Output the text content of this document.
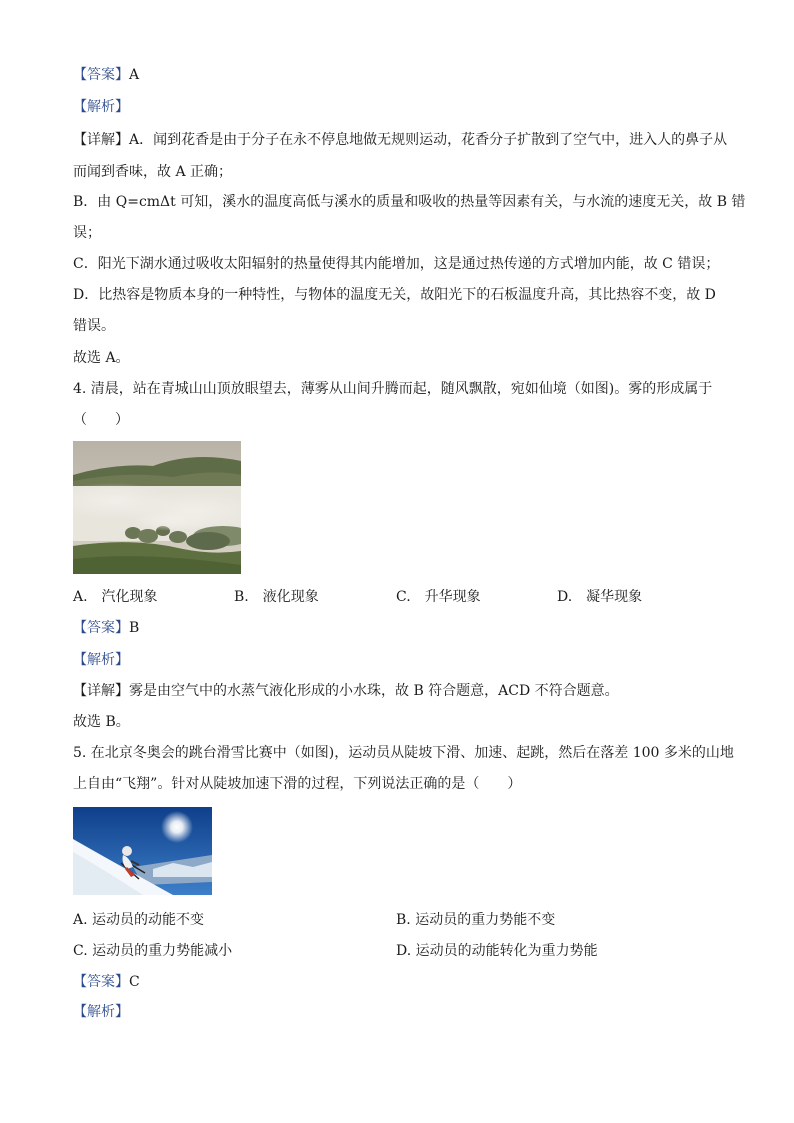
【答案】A
【解析】
【详解】A．闻到花香是由于分子在永不停息地做无规则运动，花香分子扩散到了空气中，进入人的鼻子从
而闻到香味，故 A 正确；
B．由 Q=cmΔt 可知，溪水的温度高低与溪水的质量和吸收的热量等因素有关，与水流的速度无关，故 B 错
误；
C．阳光下湖水通过吸收太阳辐射的热量使得其内能增加，这是通过热传递的方式增加内能，故 C 错误；
D．比热容是物质本身的一种特性，与物体的温度无关，故阳光下的石板温度升高，其比热容不变，故 D
错误。
故选 A。
4. 清晨，站在青城山山顶放眼望去，薄雾从山间升腾而起，随风飘散，宛如仙境（如图)。雾的形成属于
（　　）
A.　汽化现象	B.　液化现象	C.　升华现象	D.　凝华现象
【答案】B
【解析】
【详解】雾是由空气中的水蒸气液化形成的小水珠，故 B 符合题意，ACD 不符合题意。
故选 B。
5. 在北京冬奥会的跳台滑雪比赛中（如图)，运动员从陡坡下滑、加速、起跳，然后在落差 100 多米的山地
上自由“飞翔”。针对从陡坡加速下滑的过程，下列说法正确的是（　　）
A. 运动员的动能不变	B. 运动员的重力势能不变
C. 运动员的重力势能减小	D. 运动员的动能转化为重力势能
【答案】C
【解析】
